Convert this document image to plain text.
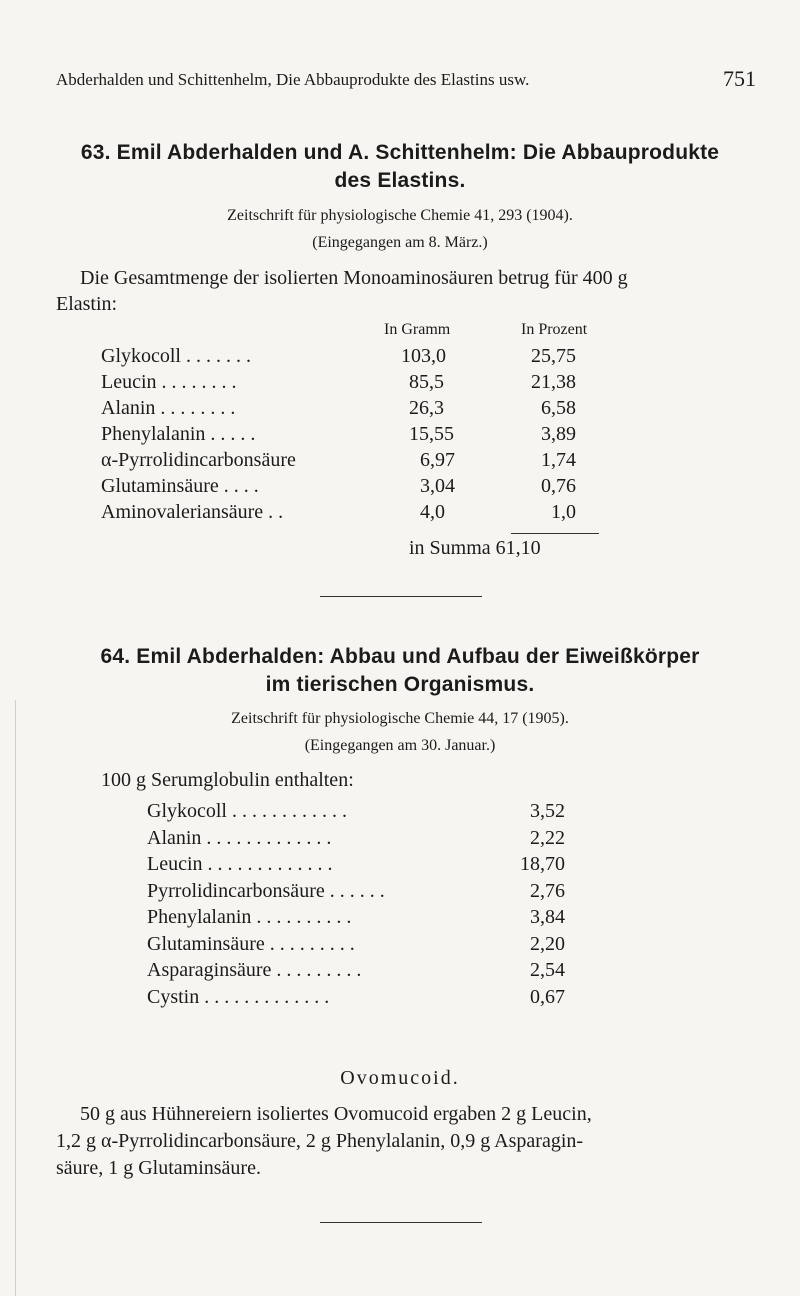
Abderhalden und Schittenhelm, Die Abbauprodukte des Elastins usw.	751
63. Emil Abderhalden und A. Schittenhelm: Die Abbauprodukte
des Elastins.
Zeitschrift für physiologische Chemie 41, 293 (1904).
(Eingegangen am 8. März.)
Die Gesamtmenge der isolierten Monoaminosäuren betrug für 400 g
Elastin:
In Gramm	In Prozent
Glykocoll . . . . . . .	103,0	25,75
Leucin . . . . . . . .	85,5	21,38
Alanin . . . . . . . .	26,3	6,58
Phenylalanin . . . . .	15,55	3,89
α-Pyrrolidincarbonsäure	6,97	1,74
Glutaminsäure . . . .	3,04	0,76
Aminovaleriansäure . .	4,0	1,0
in Summa 61,10
64. Emil Abderhalden: Abbau und Aufbau der Eiweißkörper
im tierischen Organismus.
Zeitschrift für physiologische Chemie 44, 17 (1905).
(Eingegangen am 30. Januar.)
100 g Serumglobulin enthalten:
Glykocoll . . . . . . . . . . . .	3,52
Alanin . . . . . . . . . . . . .	2,22
Leucin . . . . . . . . . . . . .	18,70
Pyrrolidincarbonsäure . . . . . .	2,76
Phenylalanin . . . . . . . . . .	3,84
Glutaminsäure . . . . . . . . .	2,20
Asparaginsäure . . . . . . . . .	2,54
Cystin . . . . . . . . . . . . .	0,67
Ovomucoid.
50 g aus Hühnereiern isoliertes Ovomucoid ergaben 2 g Leucin,
1,2 g α-Pyrrolidincarbonsäure, 2 g Phenylalanin, 0,9 g Asparagin-
säure, 1 g Glutaminsäure.
